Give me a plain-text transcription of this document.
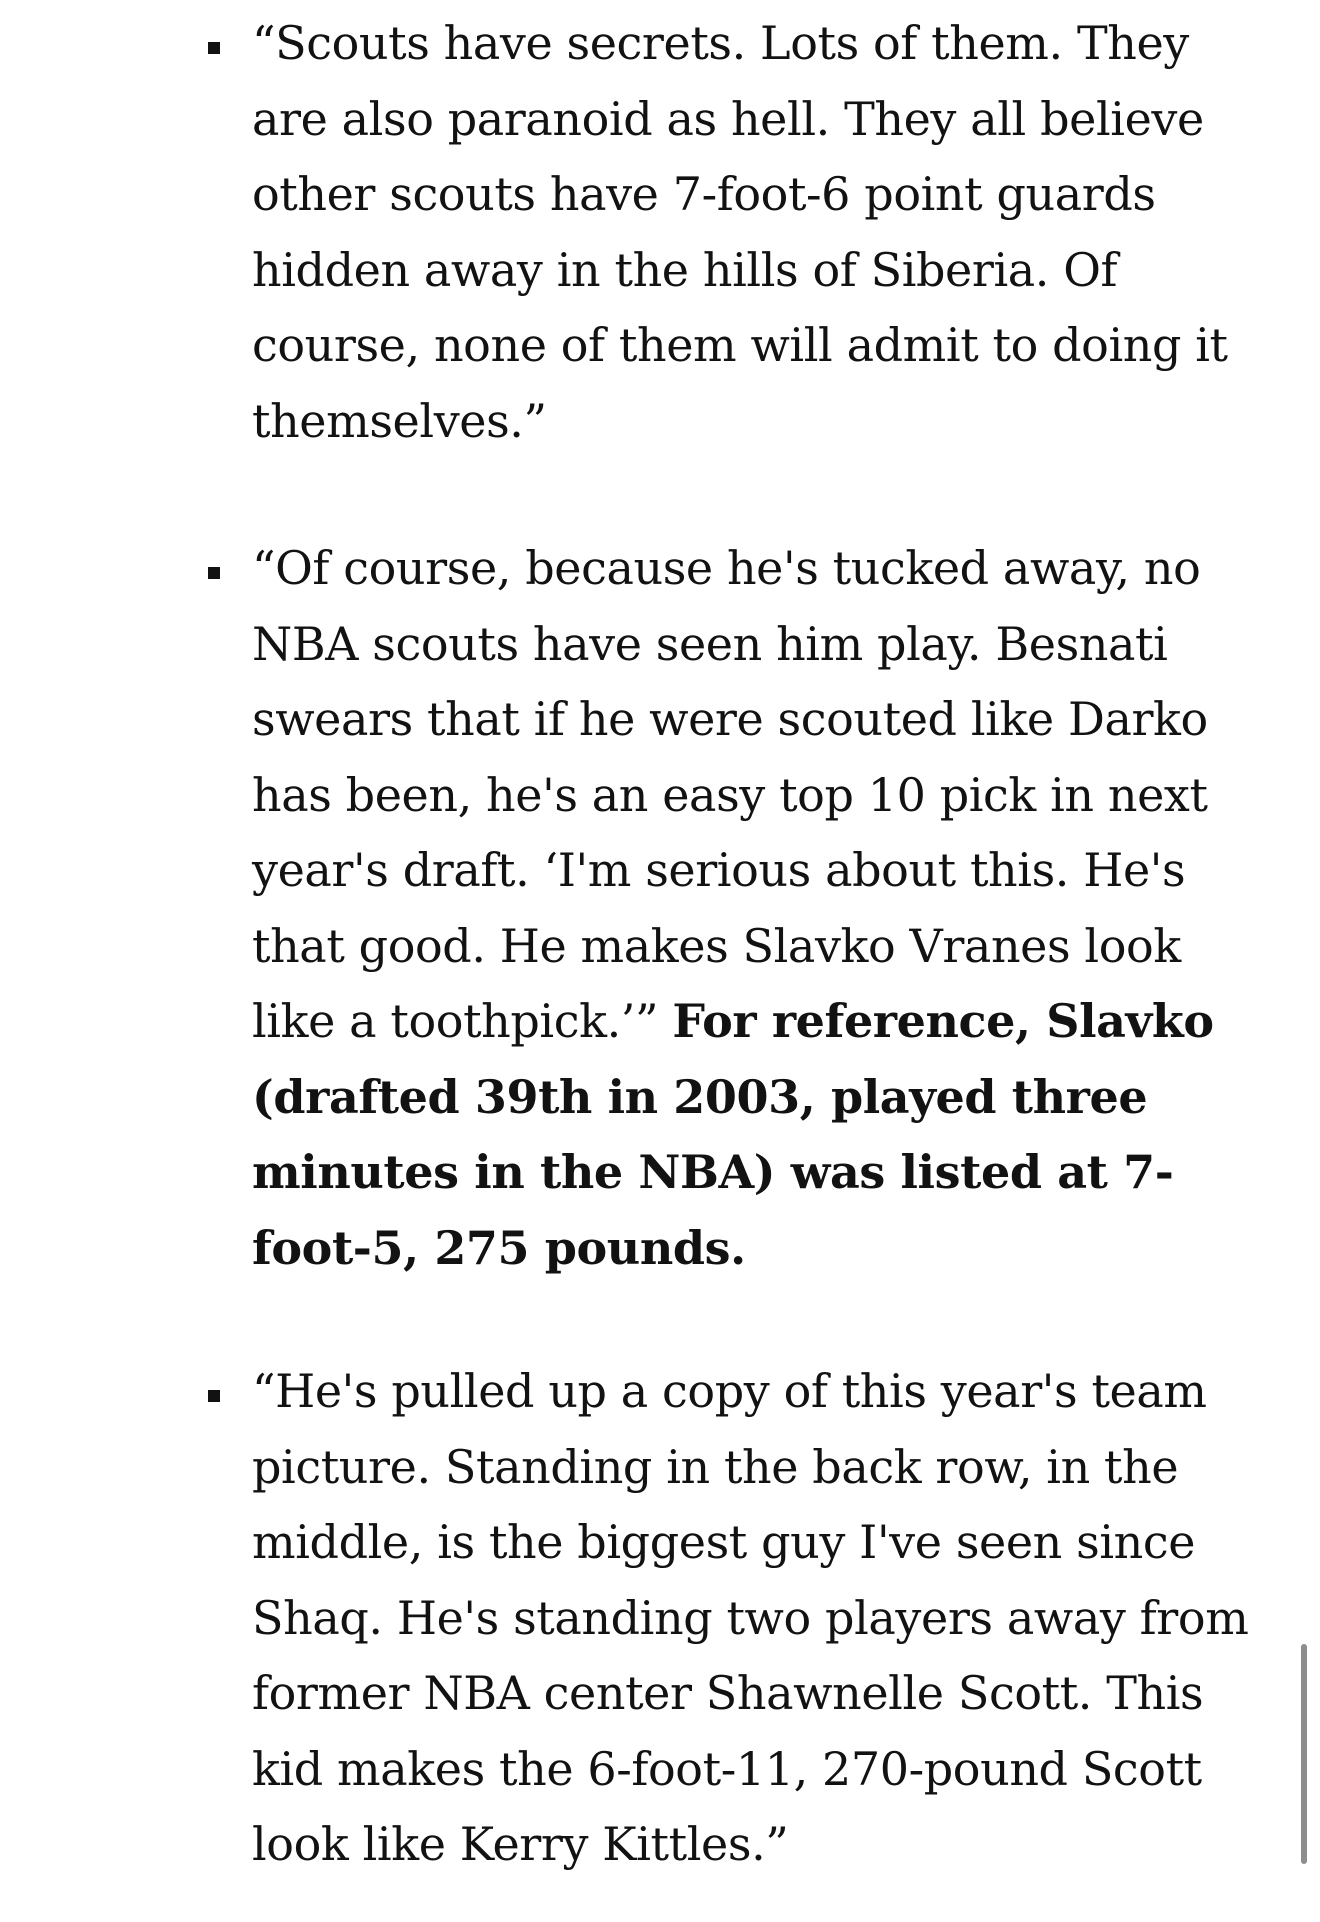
“Scouts have secrets. Lots of them. They are also paranoid as hell. They all believe other scouts have 7-foot-6 point guards hidden away in the hills of Siberia. Of course, none of them will admit to doing it themselves.”
“Of course, because he's tucked away, no NBA scouts have seen him play. Besnati swears that if he were scouted like Darko has been, he's an easy top 10 pick in next year's draft. ‘I'm serious about this. He's that good. He makes Slavko Vranes look like a toothpick.’” For reference, Slavko (drafted 39th in 2003, played three minutes in the NBA) was listed at 7-foot-5, 275 pounds.
“He's pulled up a copy of this year's team picture. Standing in the back row, in the middle, is the biggest guy I've seen since Shaq. He's standing two players away from former NBA center Shawnelle Scott. This kid makes the 6-foot-11, 270-pound Scott look like Kerry Kittles.”
